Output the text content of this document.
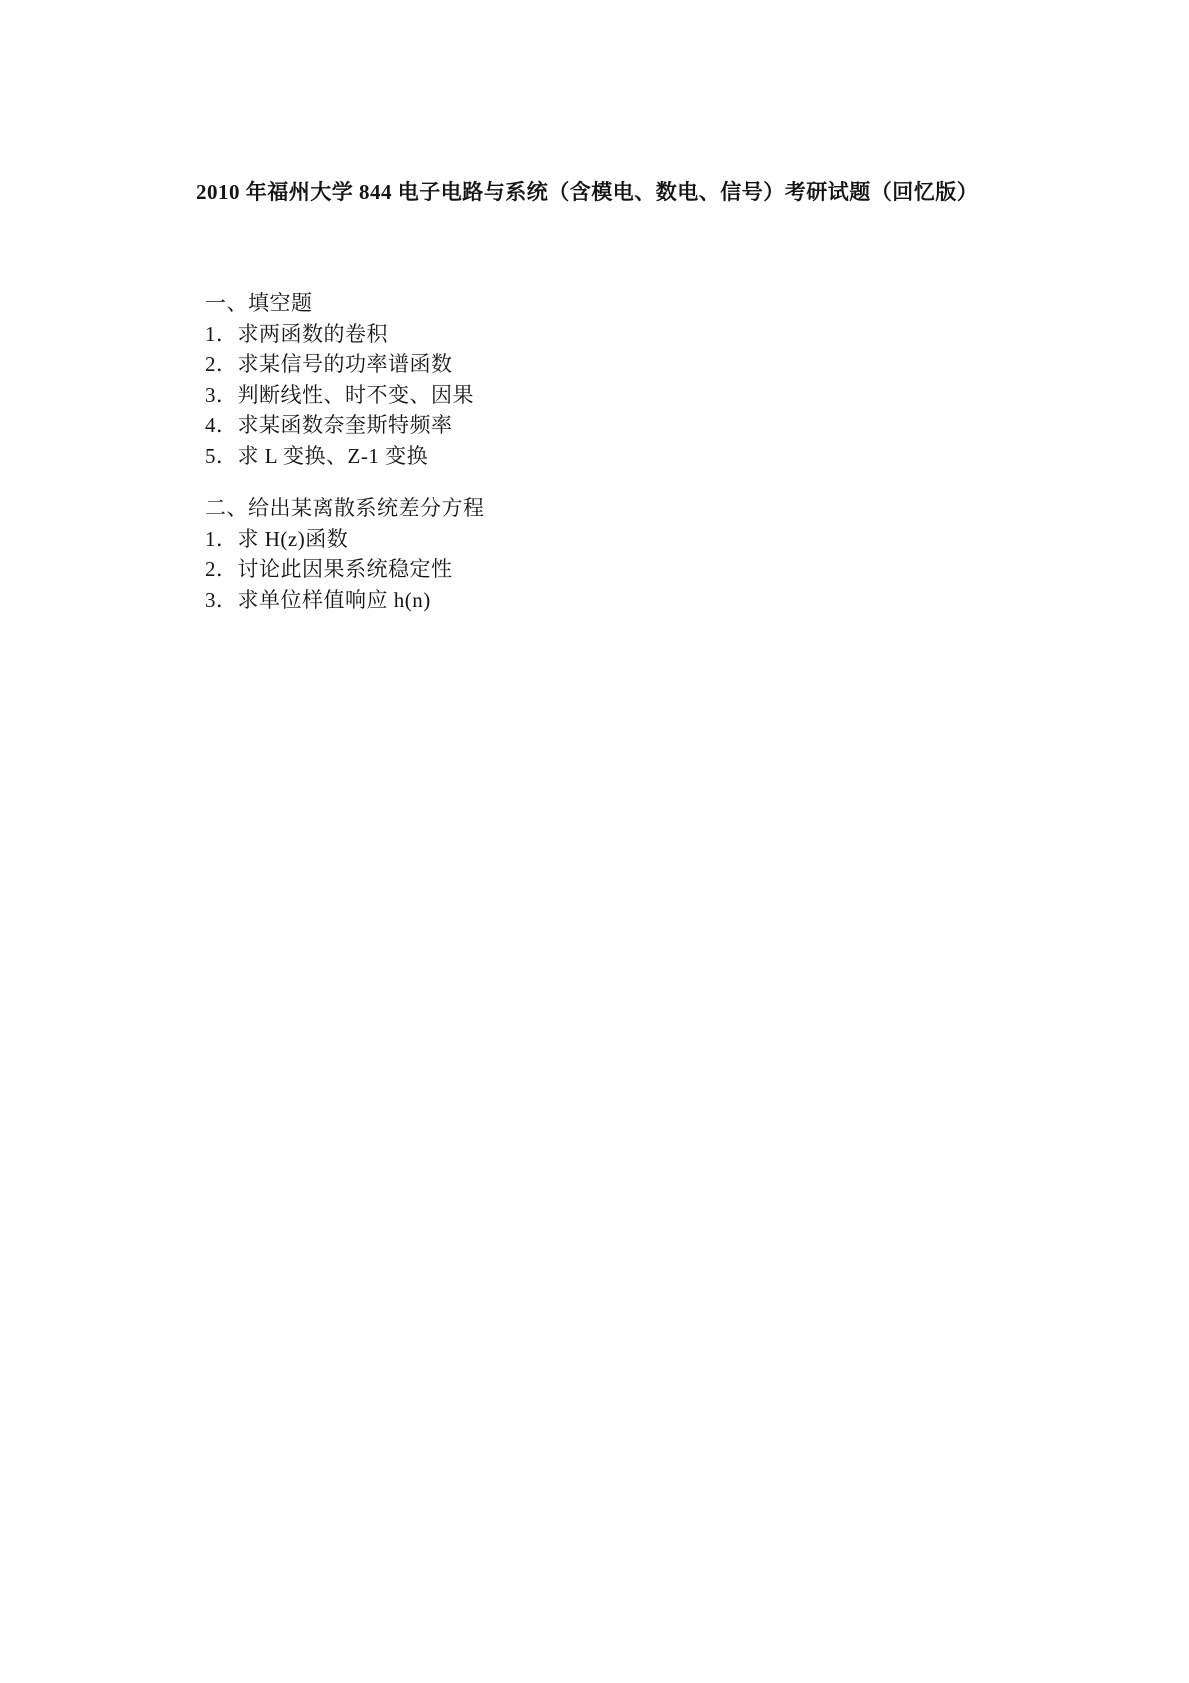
2010 年福州大学 844 电子电路与系统（含模电、数电、信号）考研试题（回忆版）

一、填空题

1．求两函数的卷积

2．求某信号的功率谱函数

3．判断线性、时不变、因果

4．求某函数奈奎斯特频率

5．求 L 变换、Z-1 变换

二、给出某离散系统差分方程

1．求 H(z)函数

2．讨论此因果系统稳定性

3．求单位样值响应 h(n)
